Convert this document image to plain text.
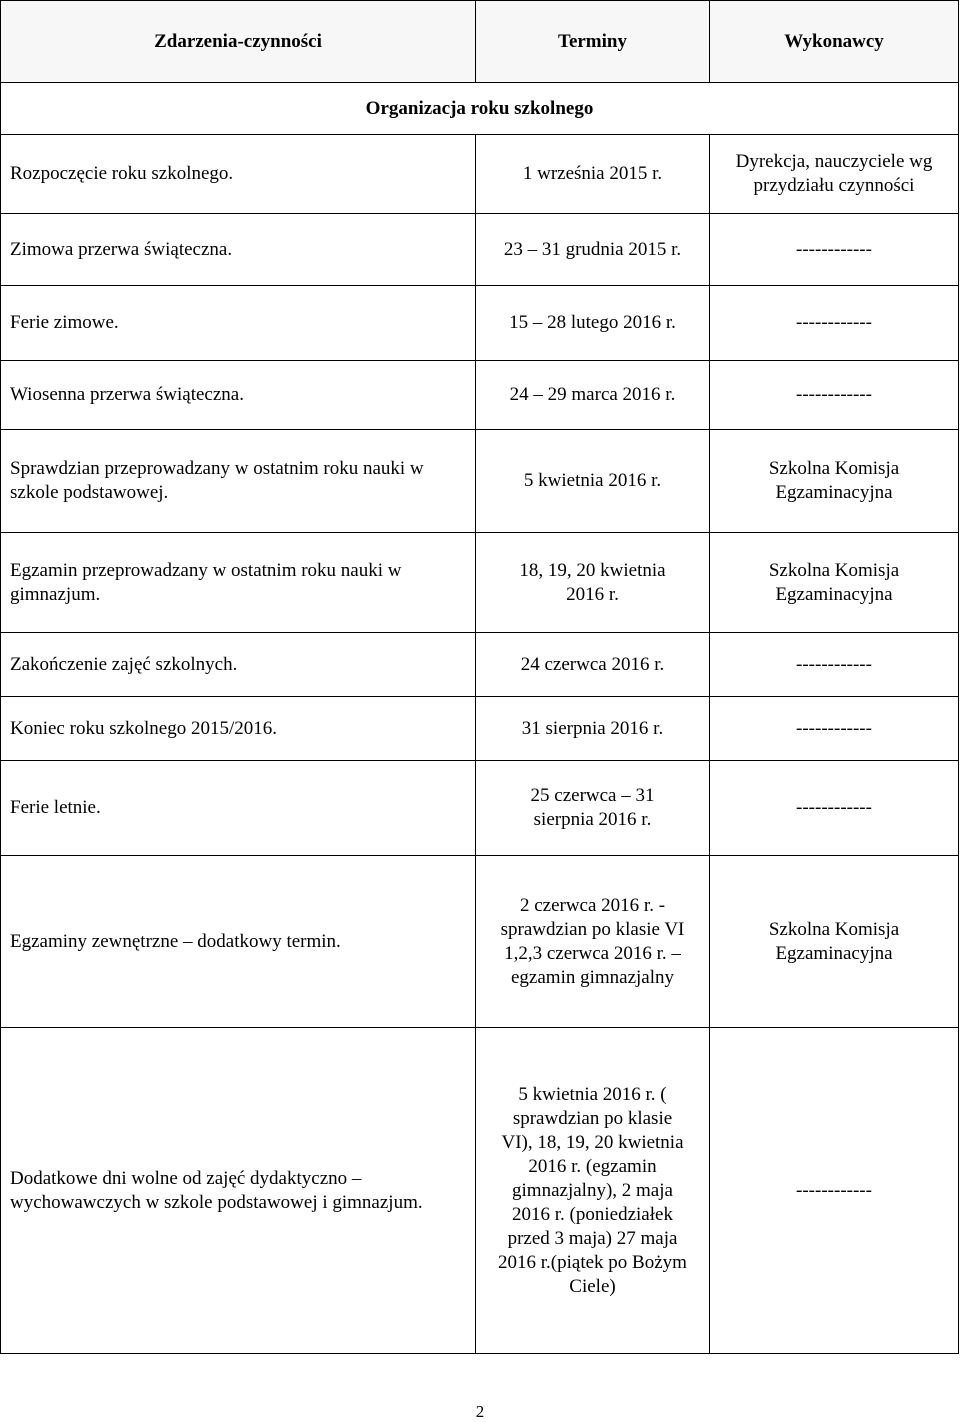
Zdarzenia-czynności	Terminy	Wykonawcy
Organizacja roku szkolnego		
Rozpoczęcie roku szkolnego.	1 września 2015 r.	Dyrekcja, nauczyciele wg przydziału czynności
Zimowa przerwa świąteczna.	23 – 31 grudnia 2015 r.	------------
Ferie zimowe.	15 – 28 lutego 2016 r.	------------
Wiosenna przerwa świąteczna.	24 – 29 marca 2016 r.	------------
Sprawdzian przeprowadzany w ostatnim roku nauki w szkole podstawowej.	5 kwietnia 2016 r.	Szkolna Komisja Egzaminacyjna
Egzamin przeprowadzany w ostatnim roku nauki w gimnazjum.	18, 19, 20 kwietnia 2016 r.	Szkolna Komisja Egzaminacyjna
Zakończenie zajęć szkolnych.	24 czerwca 2016 r.	------------
Koniec roku szkolnego 2015/2016.	31 sierpnia 2016 r.	------------
Ferie letnie.	25 czerwca – 31 sierpnia 2016 r.	------------
Egzaminy zewnętrzne – dodatkowy termin.	2 czerwca 2016 r. - sprawdzian po klasie VI 1,2,3 czerwca 2016 r. – egzamin gimnazjalny	Szkolna Komisja Egzaminacyjna
Dodatkowe dni wolne od zajęć dydaktyczno – wychowawczych w szkole podstawowej i gimnazjum.	5 kwietnia 2016 r. ( sprawdzian po klasie VI), 18, 19, 20 kwietnia 2016 r. (egzamin gimnazjalny), 2 maja 2016 r. (poniedziałek przed 3 maja) 27 maja 2016 r.(piątek po Bożym Ciele)	------------
2
